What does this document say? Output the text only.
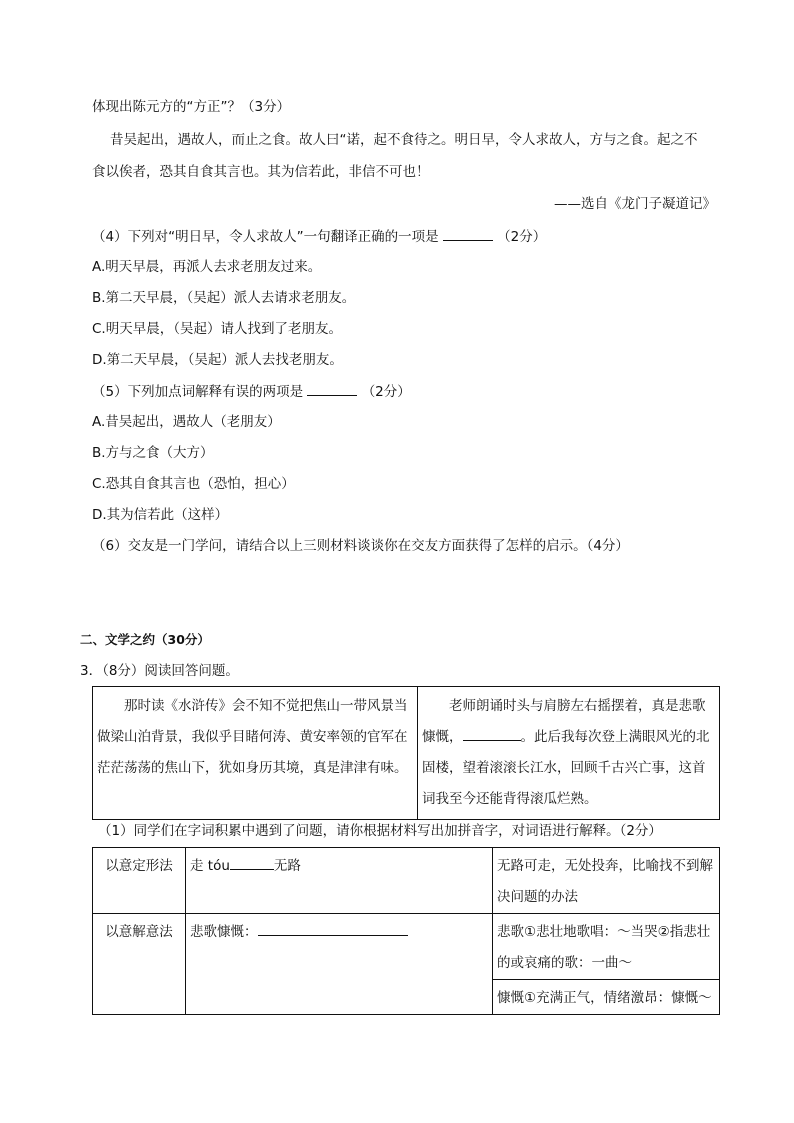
体现出陈元方的“方正”？（3分）
昔吴起出，遇故人，而止之食。故人曰“诺，起不食待之。明日早，令人求故人，方与之食。起之不
食以俟者，恐其自食其言也。其为信若此，非信不可也！
——选自《龙门子凝道记》
（4）下列对“明日早，令人求故人”一句翻译正确的一项是	（2分）
A.明天早晨，再派人去求老朋友过来。
B.第二天早晨，（吴起）派人去请求老朋友。
C.明天早晨，（吴起）请人找到了老朋友。
D.第二天早晨，（吴起）派人去找老朋友。
（5）下列加点词解释有误的两项是	（2分）
A.昔吴起出，遇故人（老朋友）
B.方与之食（大方）
C.恐其自食其言也（恐怕，担心）
D.其为信若此（这样）
（6）交友是一门学问，请结合以上三则材料谈谈你在交友方面获得了怎样的启示。（4分）
二、文学之约（30分）
3．（8分）阅读回答问题。
那时读《水浒传》会不知不觉把焦山一带风景当做梁山泊背景，我似乎目睹何涛、黄安率领的官军在茫茫荡荡的焦山下，犹如身历其境，真是津津有味。	老师朗诵时头与肩膀左右摇摆着，真是悲歌慷慨，	。此后我每次登上满眼风光的北固楼，望着滚滚长江水，回顾千古兴亡事，这首词我至今还能背得滚瓜烂熟。
（1）同学们在字词积累中遇到了问题，请你根据材料写出加拼音字，对词语进行解释。（2分）
以意定形法	走 tóu 无路	无路可走，无处投奔，比喻找不到解决问题的办法
以意解意法	悲歌慷慨：	悲歌①悲壮地歌唱：～当哭②指悲壮的或哀痛的歌：一曲～
		慷慨①充满正气，情绪激昂：慷慨～
